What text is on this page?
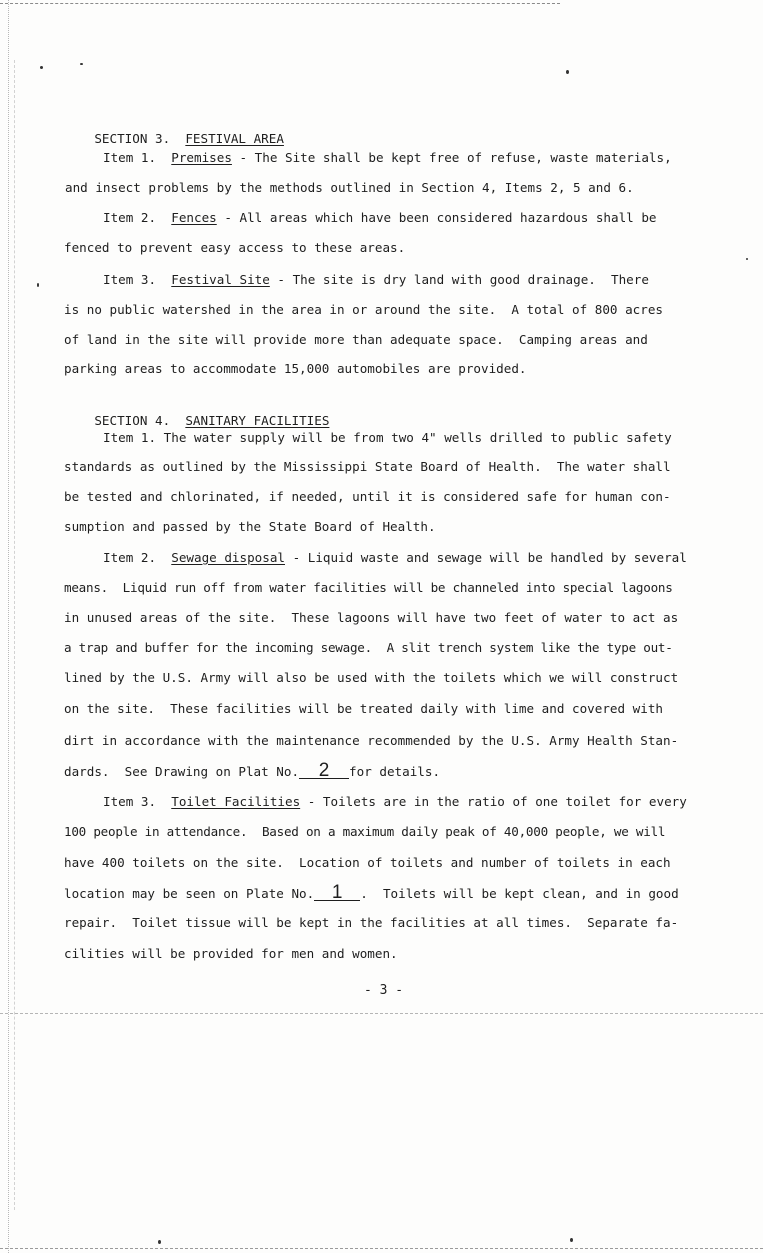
SECTION 3. FESTIVAL AREA

Item 1. Premises - The Site shall be kept free of refuse, waste materials,
and insect problems by the methods outlined in Section 4, Items 2, 5 and 6.
Item 2. Fences - All areas which have been considered hazardous shall be
fenced to prevent easy access to these areas.
Item 3. Festival Site - The site is dry land with good drainage.  There
is no public watershed in the area in or around the site.  A total of 800 acres
of land in the site will provide more than adequate space.  Camping areas and
parking areas to accommodate 15,000 automobiles are provided.

SECTION 4. SANITARY FACILITIES

Item 1. The water supply will be from two 4" wells drilled to public safety
standards as outlined by the Mississippi State Board of Health.  The water shall
be tested and chlorinated, if needed, until it is considered safe for human con-
sumption and passed by the State Board of Health.
Item 2. Sewage disposal - Liquid waste and sewage will be handled by several
means.  Liquid run off from water facilities will be channeled into special lagoons
in unused areas of the site.  These lagoons will have two feet of water to act as
a trap and buffer for the incoming sewage.  A slit trench system like the type out-
lined by the U.S. Army will also be used with the toilets which we will construct
on the site.  These facilities will be treated daily with lime and covered with
dirt in accordance with the maintenance recommended by the U.S. Army Health Stan-
dards.  See Drawing on Plat No. 2 for details.
Item 3. Toilet Facilities - Toilets are in the ratio of one toilet for every
100 people in attendance.  Based on a maximum daily peak of 40,000 people, we will
have 400 toilets on the site.  Location of toilets and number of toilets in each
location may be seen on Plate No. 1 .  Toilets will be kept clean, and in good
repair.  Toilet tissue will be kept in the facilities at all times.  Separate fa-
cilities will be provided for men and women.
- 3 -
